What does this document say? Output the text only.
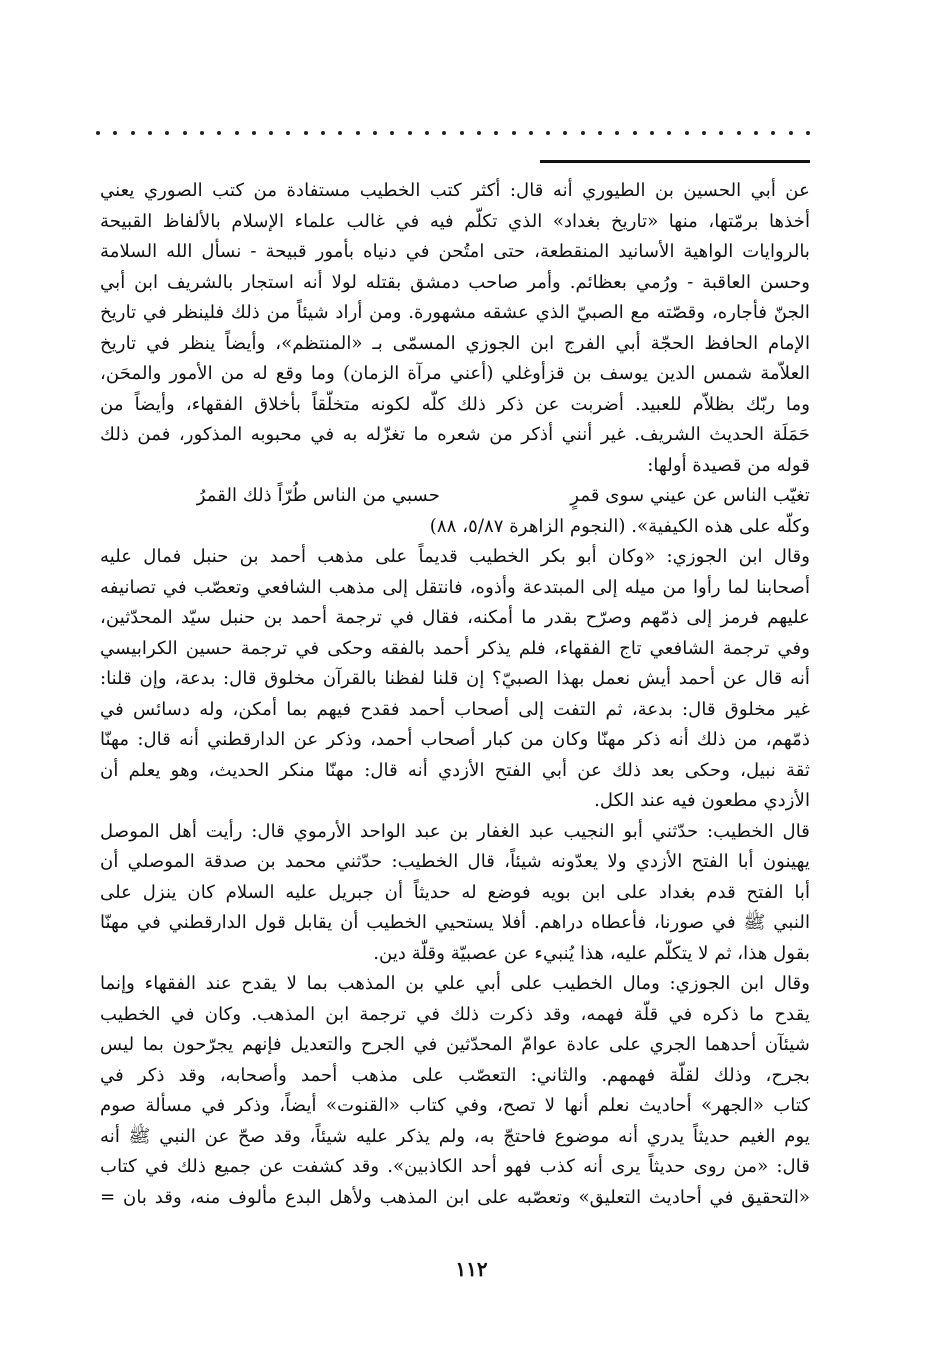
عن أبي الحسين بن الطيوري أنه قال: أكثر كتب الخطيب مستفادة من كتب الصوري يعني
أخذها برمّتها، منها «تاريخ بغداد» الذي تكلّم فيه في غالب علماء الإسلام بالألفاظ القبيحة
بالروايات الواهية الأسانيد المنقطعة، حتى امتُحن في دنياه بأمور قبيحة - نسأل الله السلامة
وحسن العاقبة - ورُمي بعظائم. وأمر صاحب دمشق بقتله لولا أنه استجار بالشريف ابن أبي
الجنّ فأجاره، وقصّته مع الصبيّ الذي عشقه مشهورة. ومن أراد شيئاً من ذلك فلينظر في تاريخ
الإمام الحافظ الحجّة أبي الفرج ابن الجوزي المسمّى بـ «المنتظم»، وأيضاً ينظر في تاريخ
العلاّمة شمس الدين يوسف بن قزأوغلي (أعني مرآة الزمان) وما وقع له من الأمور والمحَن،
وما ربّك بظلاّم للعبيد. أضربت عن ذكر ذلك كلّه لكونه متخلّقاً بأخلاق الفقهاء، وأيضاً من
حَمَلَة الحديث الشريف. غير أنني أذكر من شعره ما تغزّله به في محبوبه المذكور، فمن ذلك
قوله من قصيدة أولها:
تغيّب الناس عن عيني سوى قمرٍ
حسبي من الناس طُرّاً ذلك القمرُ
وكلّه على هذه الكيفية». (النجوم الزاهرة ٥/٨٧، ٨٨)
وقال ابن الجوزي: «وكان أبو بكر الخطيب قديماً على مذهب أحمد بن حنبل فمال عليه
أصحابنا لما رأوا من ميله إلى المبتدعة وأذوه، فانتقل إلى مذهب الشافعي وتعصّب في تصانيفه
عليهم فرمز إلى ذمّهم وصرّح بقدر ما أمكنه، فقال في ترجمة أحمد بن حنبل سيّد المحدّثين،
وفي ترجمة الشافعي تاج الفقهاء، فلم يذكر أحمد بالفقه وحكى في ترجمة حسين الكرابيسي
أنه قال عن أحمد أيش نعمل بهذا الصبيّ؟ إن قلنا لفظنا بالقرآن مخلوق قال: بدعة، وإن قلنا:
غير مخلوق قال: بدعة، ثم التفت إلى أصحاب أحمد فقدح فيهم بما أمكن، وله دسائس في
ذمّهم، من ذلك أنه ذكر مهنّا وكان من كبار أصحاب أحمد، وذكر عن الدارقطني أنه قال: مهنّا
ثقة نبيل، وحكى بعد ذلك عن أبي الفتح الأزدي أنه قال: مهنّا منكر الحديث، وهو يعلم أن
الأزدي مطعون فيه عند الكل.
قال الخطيب: حدّثني أبو النجيب عبد الغفار بن عبد الواحد الأرموي قال: رأيت أهل الموصل
يهينون أبا الفتح الأزدي ولا يعدّونه شيئاً، قال الخطيب: حدّثني محمد بن صدقة الموصلي أن
أبا الفتح قدم بغداد على ابن بويه فوضع له حديثاً أن جبريل عليه السلام كان ينزل على
النبي ﷺ في صورنا، فأعطاه دراهم. أفلا يستحيي الخطيب أن يقابل قول الدارقطني في مهنّا
بقول هذا، ثم لا يتكلّم عليه، هذا يُنبيء عن عصبيّة وقلّة دين.
وقال ابن الجوزي: ومال الخطيب على أبي علي بن المذهب بما لا يقدح عند الفقهاء وإنما
يقدح ما ذكره في قلّة فهمه، وقد ذكرت ذلك في ترجمة ابن المذهب. وكان في الخطيب
شيئآن أحدهما الجري على عادة عوامّ المحدّثين في الجرح والتعديل فإنهم يجرّحون بما ليس
بجرح، وذلك لقلّة فهمهم. والثاني: التعصّب على مذهب أحمد وأصحابه، وقد ذكر في
كتاب «الجهر» أحاديث نعلم أنها لا تصح، وفي كتاب «القنوت» أيضاً، وذكر في مسألة صوم
يوم الغيم حديثاً يدري أنه موضوع فاحتجّ به، ولم يذكر عليه شيئاً، وقد صحّ عن النبي ﷺ أنه
قال: «من روى حديثاً يرى أنه كذب فهو أحد الكاذبين». وقد كشفت عن جميع ذلك في كتاب
«التحقيق في أحاديث التعليق» وتعصّبه على ابن المذهب ولأهل البدع مألوف منه، وقد بان =
١١٢
